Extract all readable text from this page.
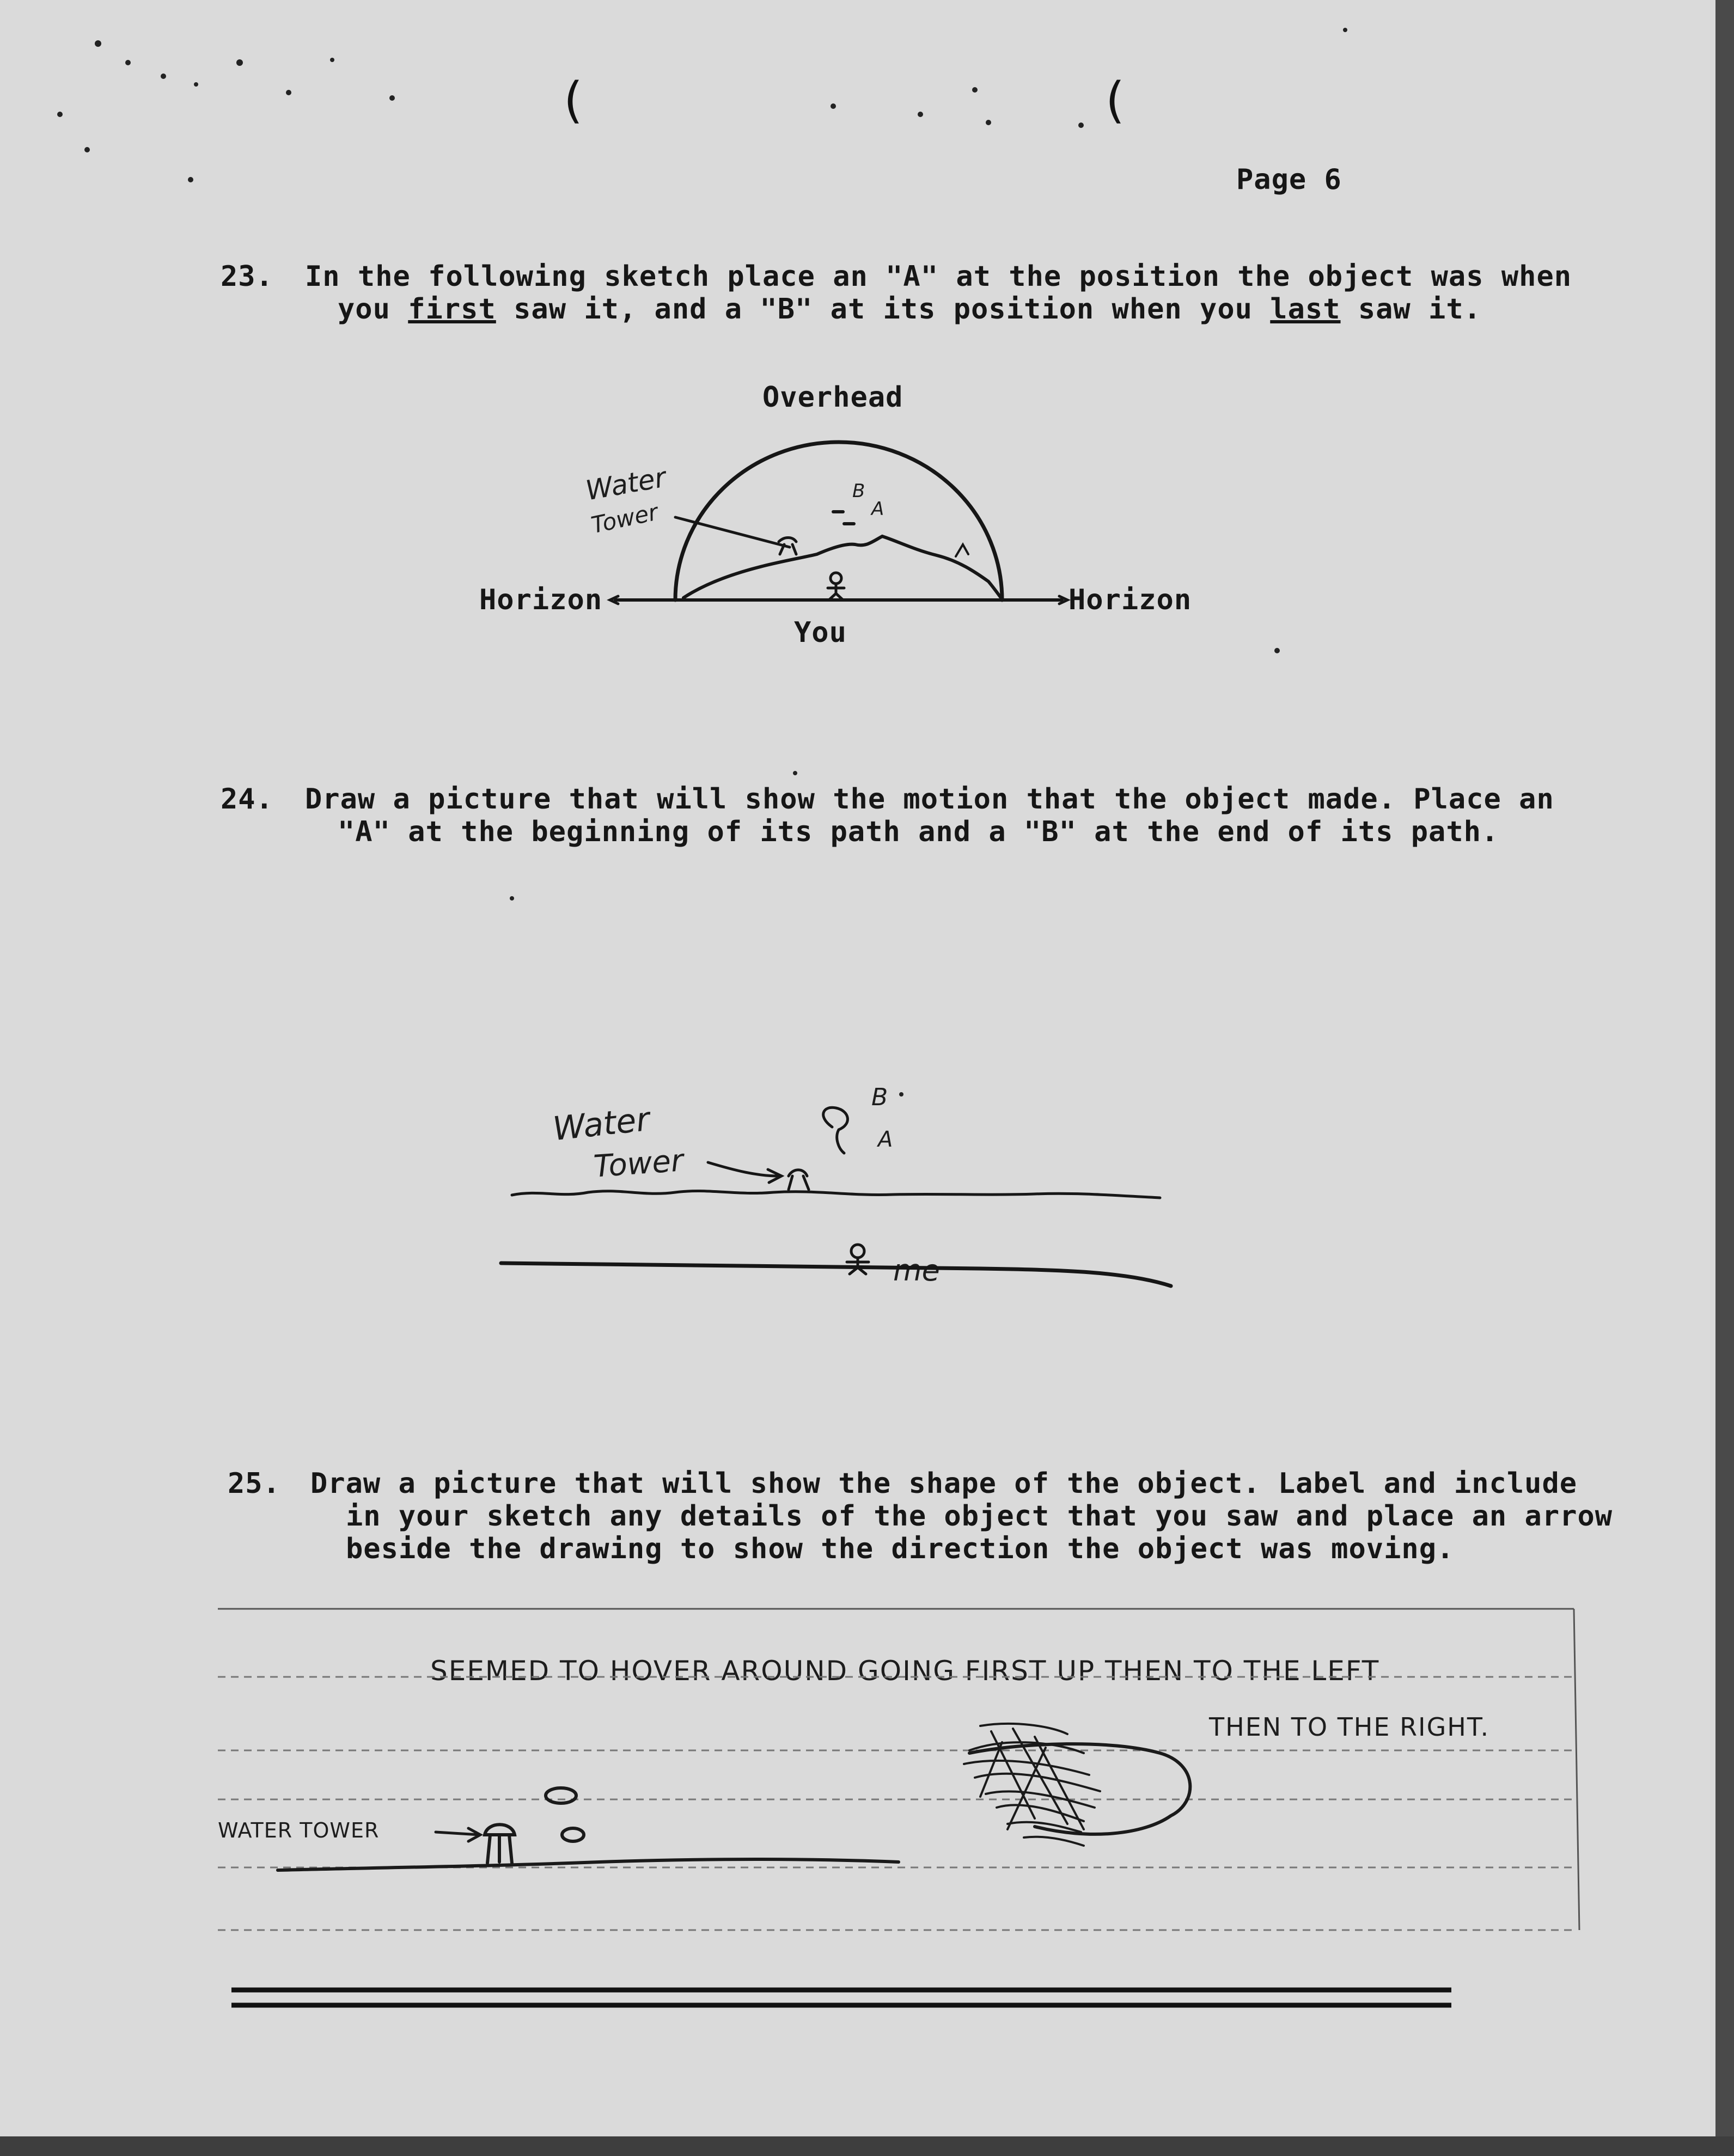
Page 6
23. In the following sketch place an "A" at the position the object was when
you first saw it, and a "B" at its position when you last saw it.
Overhead
Horizon	Horizon
You
Water
Tower
B
A
24. Draw a picture that will show the motion that the object made. Place an
"A" at the beginning of its path and a "B" at the end of its path.
Water
Tower
B
A
me
25. Draw a picture that will show the shape of the object. Label and include
in your sketch any details of the object that you saw and place an arrow
beside the drawing to show the direction the object was moving.
SEEMED TO HOVER AROUND GOING FIRST UP THEN TO THE LEFT
THEN TO THE RIGHT.
WATER TOWER
(	(
